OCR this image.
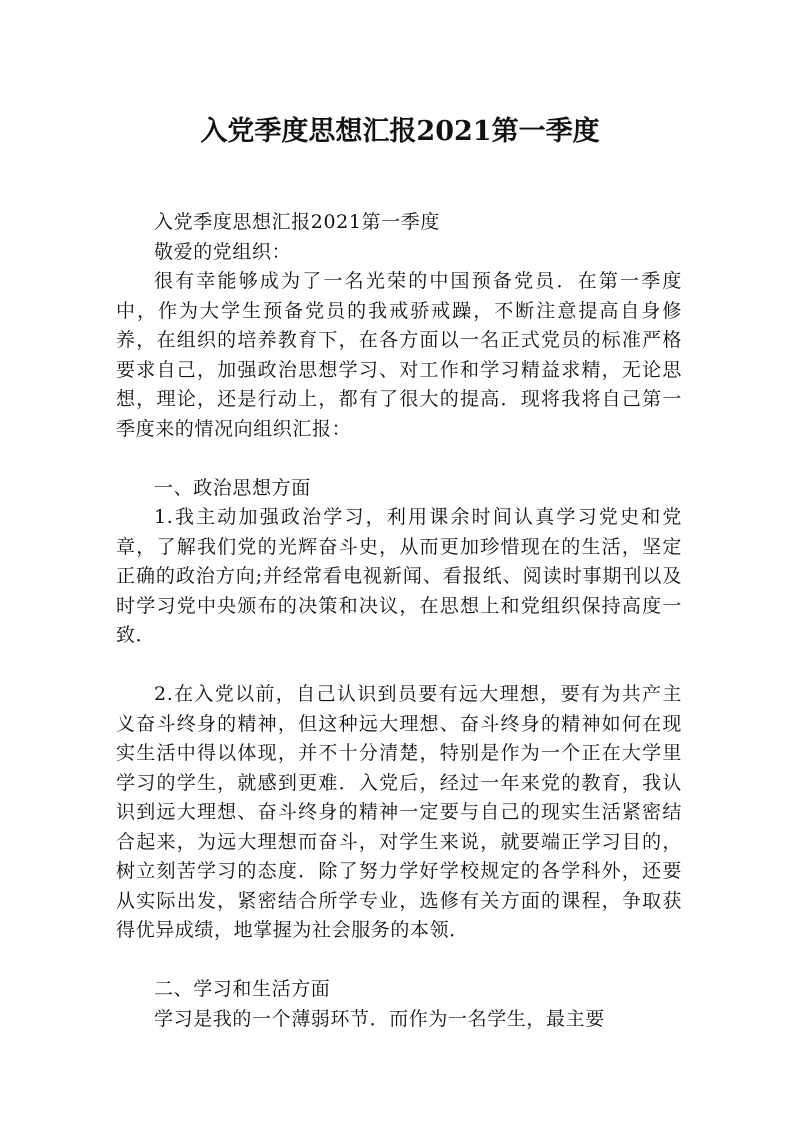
入党季度思想汇报2021第一季度

入党季度思想汇报2021第一季度

敬爱的党组织：

很有幸能够成为了一名光荣的中国预备党员．在第一季度中，作为大学生预备党员的我戒骄戒躁，不断注意提高自身修养，在组织的培养教育下，在各方面以一名正式党员的标准严格要求自己，加强政治思想学习、对工作和学习精益求精，无论思想，理论，还是行动上，都有了很大的提高．现将我将自己第一季度来的情况向组织汇报：

一、政治思想方面

1.我主动加强政治学习，利用课余时间认真学习党史和党章，了解我们党的光辉奋斗史，从而更加珍惜现在的生活，坚定正确的政治方向;并经常看电视新闻、看报纸、阅读时事期刊以及时学习党中央颁布的决策和决议，在思想上和党组织保持高度一致．

2.在入党以前，自己认识到员要有远大理想，要有为共产主义奋斗终身的精神，但这种远大理想、奋斗终身的精神如何在现实生活中得以体现，并不十分清楚，特别是作为一个正在大学里学习的学生，就感到更难．入党后，经过一年来党的教育，我认识到远大理想、奋斗终身的精神一定要与自己的现实生活紧密结合起来，为远大理想而奋斗，对学生来说，就要端正学习目的，树立刻苦学习的态度．除了努力学好学校规定的各学科外，还要从实际出发，紧密结合所学专业，选修有关方面的课程，争取获得优异成绩，地掌握为社会服务的本领．

二、学习和生活方面

学习是我的一个薄弱环节．而作为一名学生，最主要
